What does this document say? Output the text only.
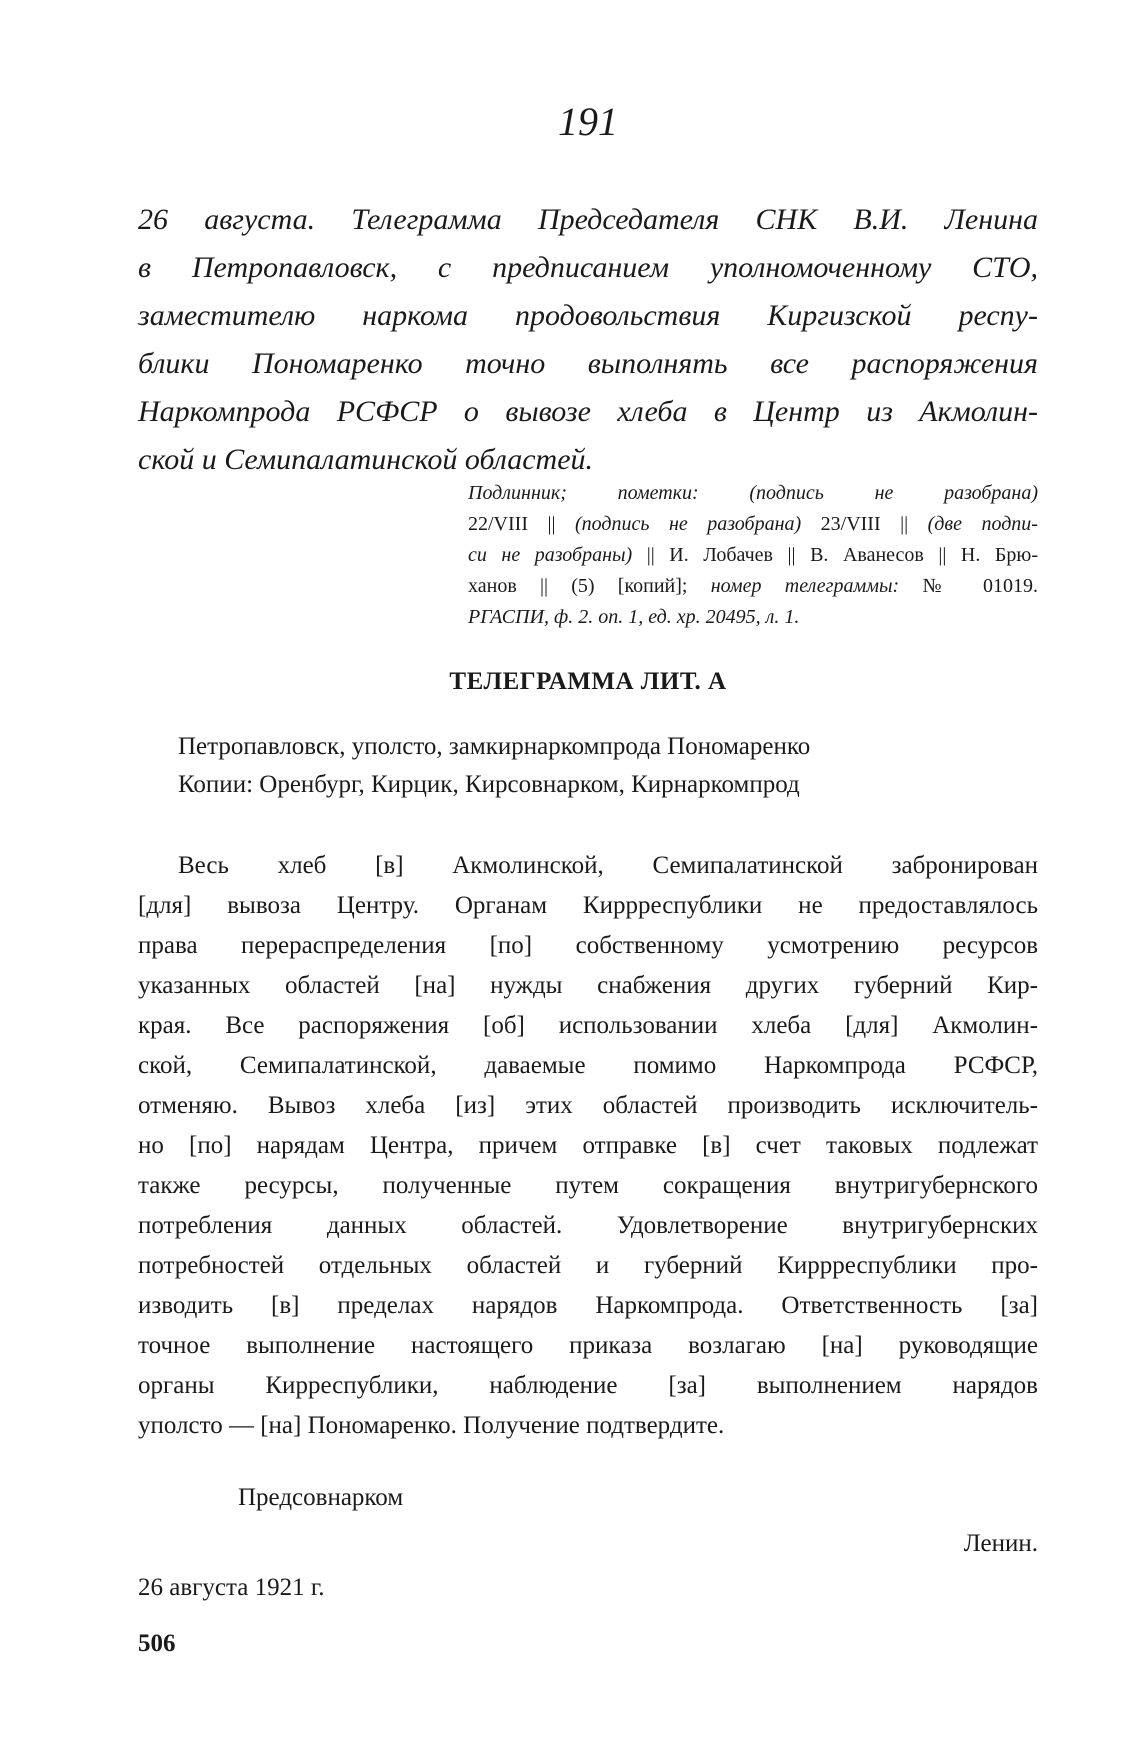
191

26 августа. Телеграмма Председателя СНК В.И. Ленина
в Петропавловск, с предписанием уполномоченному СТО,
заместителю наркома продовольствия Киргизской респу-
блики Пономаренко точно выполнять все распоряжения
Наркомпрода РСФСР о вывозе хлеба в Центр из Акмолин-
ской и Семипалатинской областей.

Подлинник; пометки: (подпись не разобрана)
22/VIII || (подпись не разобрана) 23/VIII || (две подпи-
си не разобраны) || И. Лобачев || В. Аванесов || Н. Брю-
ханов || (5) [копий]; номер телеграммы: № 01019.
РГАСПИ, ф. 2. оп. 1, ед. хр. 20495, л. 1.
ТЕЛЕГРАММА ЛИТ. А
Петропавловск, уполсто, замкирнаркомпрода Пономаренко
Копии: Оренбург, Кирцик, Кирсовнарком, Кирнаркомпрод

Весь хлеб [в] Акмолинской, Семипалатинской забронирован
[для] вывоза Центру. Органам Киррреспублики не предоставлялось
права перераспределения [по] собственному усмотрению ресурсов
указанных областей [на] нужды снабжения других губерний Кир-
края. Все распоряжения [об] использовании хлеба [для] Акмолин-
ской, Семипалатинской, даваемые помимо Наркомпрода РСФСР,
отменяю. Вывоз хлеба [из] этих областей производить исключитель-
но [по] нарядам Центра, причем отправке [в] счет таковых подлежат
также ресурсы, полученные путем сокращения внутригубернского
потребления данных областей. Удовлетворение внутригубернских
потребностей отдельных областей и губерний Киррреспублики про-
изводить [в] пределах нарядов Наркомпрода. Ответственность [за]
точное выполнение настоящего приказа возлагаю [на] руководящие
органы Кирреспублики, наблюдение [за] выполнением нарядов
уполсто — [на] Пономаренко. Получение подтвердите.

Предсовнарком
Ленин.
26 августа 1921 г.
506
